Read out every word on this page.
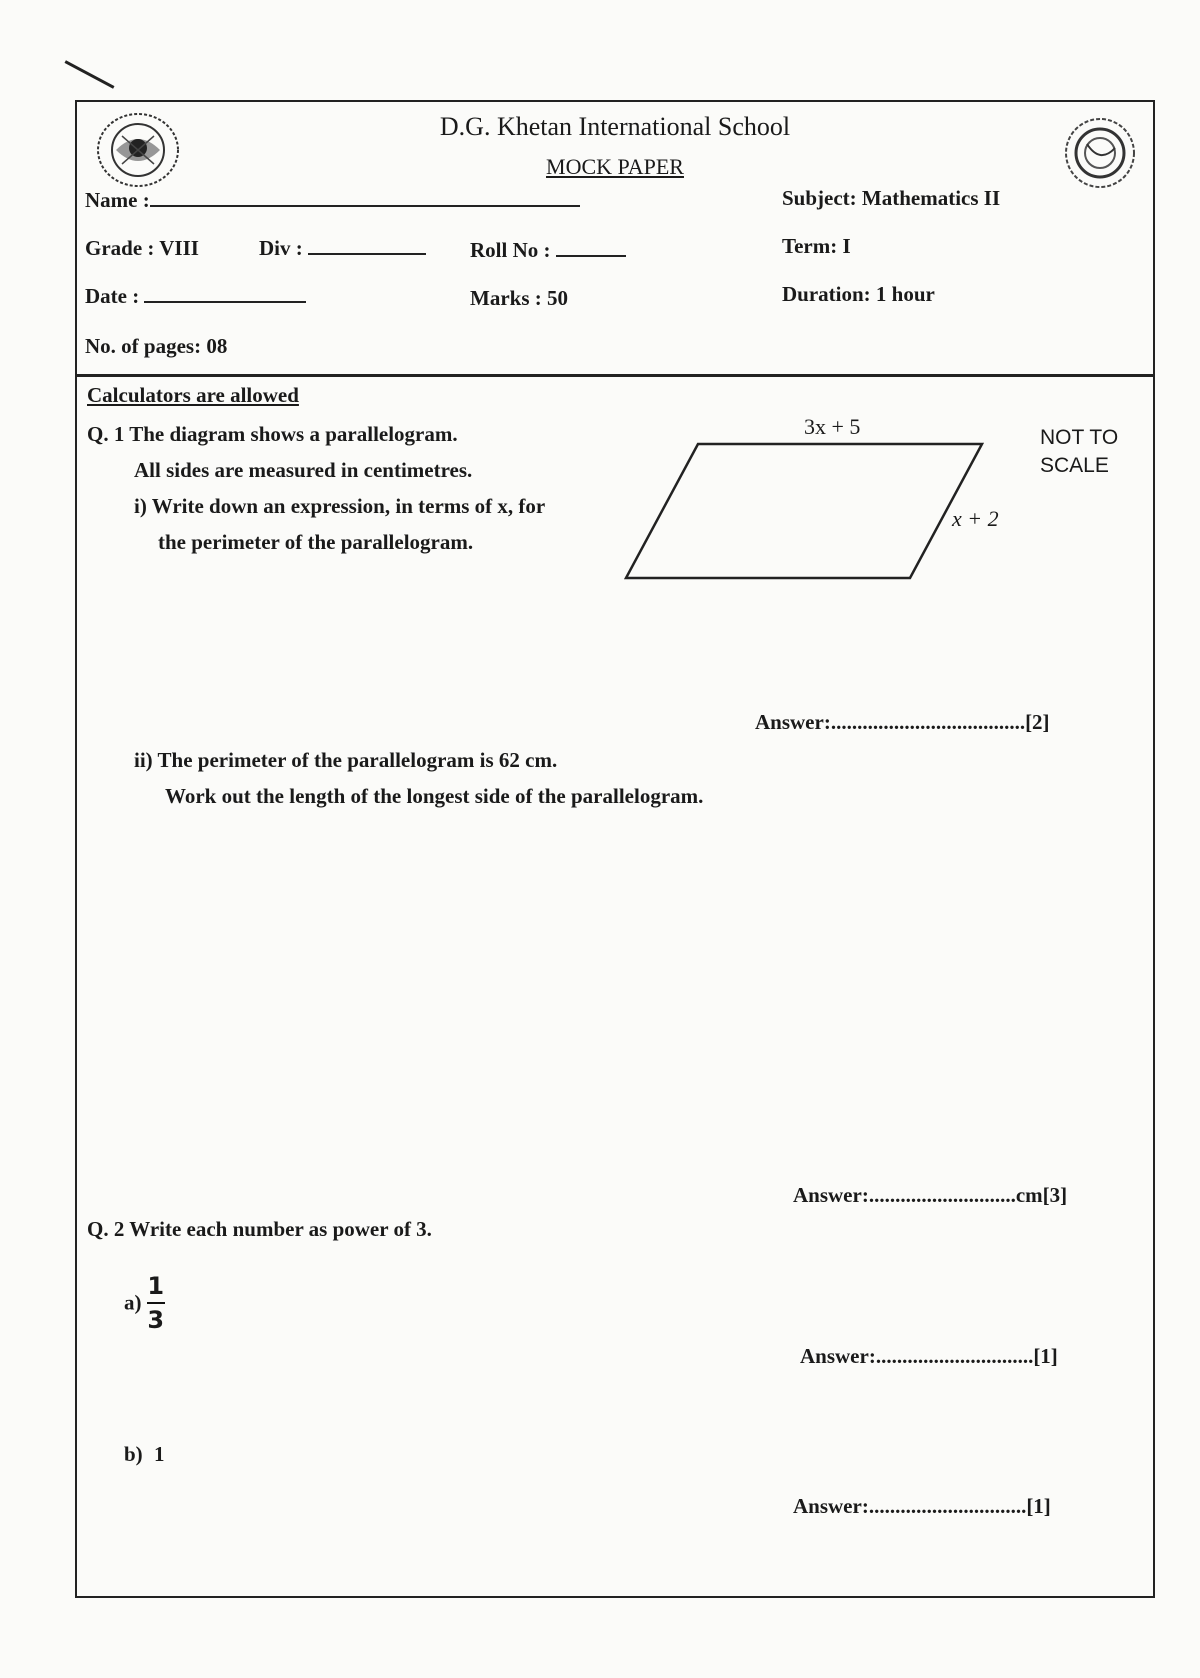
D.G. Khetan International School
MOCK PAPER
Name :	Subject: Mathematics II
Grade : VIII	Div :	Roll No :	Term: I
Date :	Marks : 50	Duration: 1 hour
No. of pages: 08
Calculators are allowed
Q. 1 The diagram shows a parallelogram.
All sides are measured in centimetres.
i) Write down an expression, in terms of x, for
the perimeter of the parallelogram.
3x + 5
x + 2
NOT TO
SCALE
Answer:.....................................[2]
ii) The perimeter of the parallelogram is 62 cm.
Work out the length of the longest side of the parallelogram.
Answer:............................cm[3]
Q. 2 Write each number as power of 3.
$a) \frac{1}{3}$
Answer:..............................[1]
b) 1
Answer:..............................[1]
